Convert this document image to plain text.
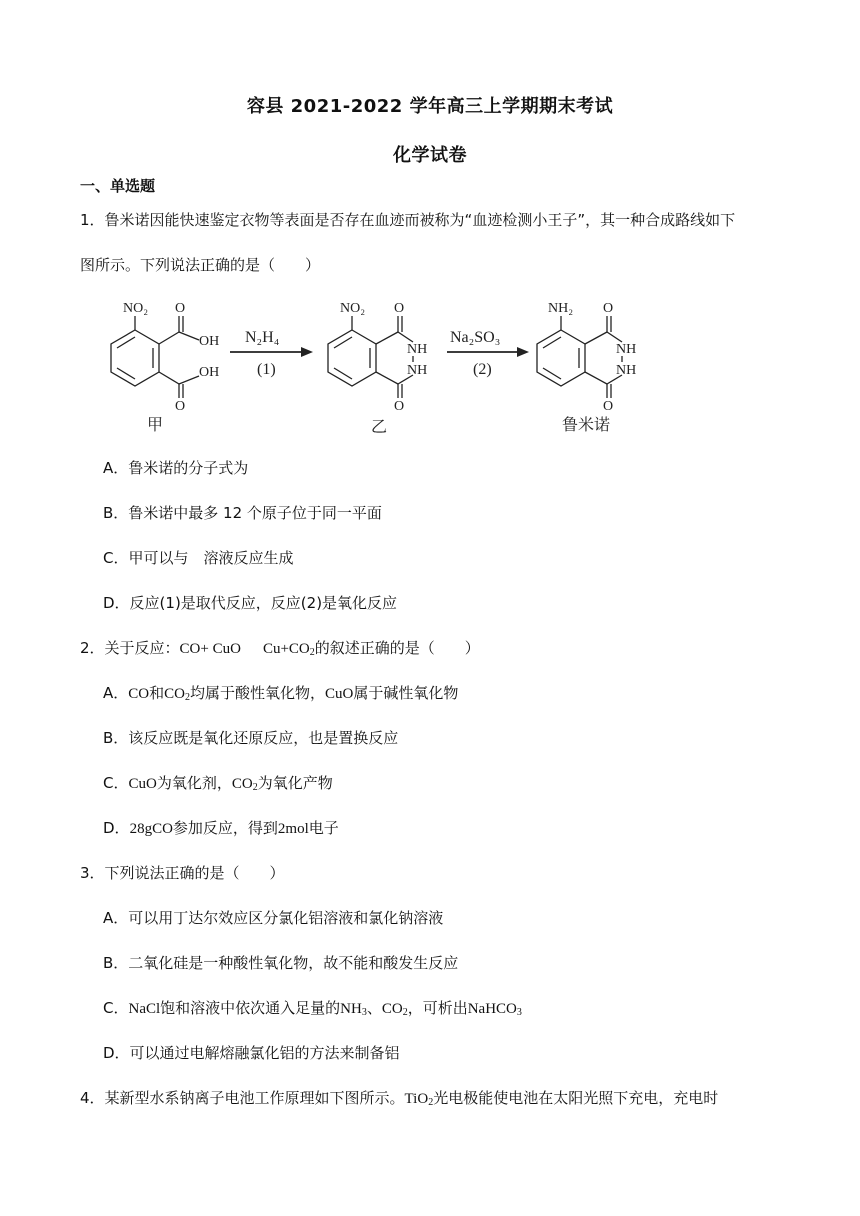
容县 2021-2022 学年高三上学期期末考试
化学试卷
一、单选题
1．鲁米诺因能快速鉴定衣物等表面是否存在血迹而被称为“血迹检测小王子”，其一种合成路线如下
图所示。下列说法正确的是（　　）
NO₂ O
OH
OH
O
NO₂ O
NH
NH
O
NH₂ O
NH
NH
O
N₂H₄
(1)
Na₂SO₃
(2)
甲	乙	鲁米诺
A．鲁米诺的分子式为
B．鲁米诺中最多 12 个原子位于同一平面
C．甲可以与　溶液反应生成
D．反应(1)是取代反应，反应(2)是氧化反应
2．关于反应：CO+ CuO $Cu+CO_2$的叙述正确的是（　　）
A．CO和$CO_2$均属于酸性氧化物，CuO属于碱性氧化物
B．该反应既是氧化还原反应，也是置换反应
C．CuO为氧化剂，$CO_2$为氧化产物
D．28gCO参加反应，得到2mol电子
3．下列说法正确的是（　　）
A．可以用丁达尔效应区分氯化铝溶液和氯化钠溶液
B．二氧化硅是一种酸性氧化物，故不能和酸发生反应
C．NaCl饱和溶液中依次通入足量的$NH_3$、$CO_2$，可析出NaHCO$_3$
D．可以通过电解熔融氯化铝的方法来制备铝
4．某新型水系钠离子电池工作原理如下图所示。TiO$_2$光电极能使电池在太阳光照下充电，充电时
